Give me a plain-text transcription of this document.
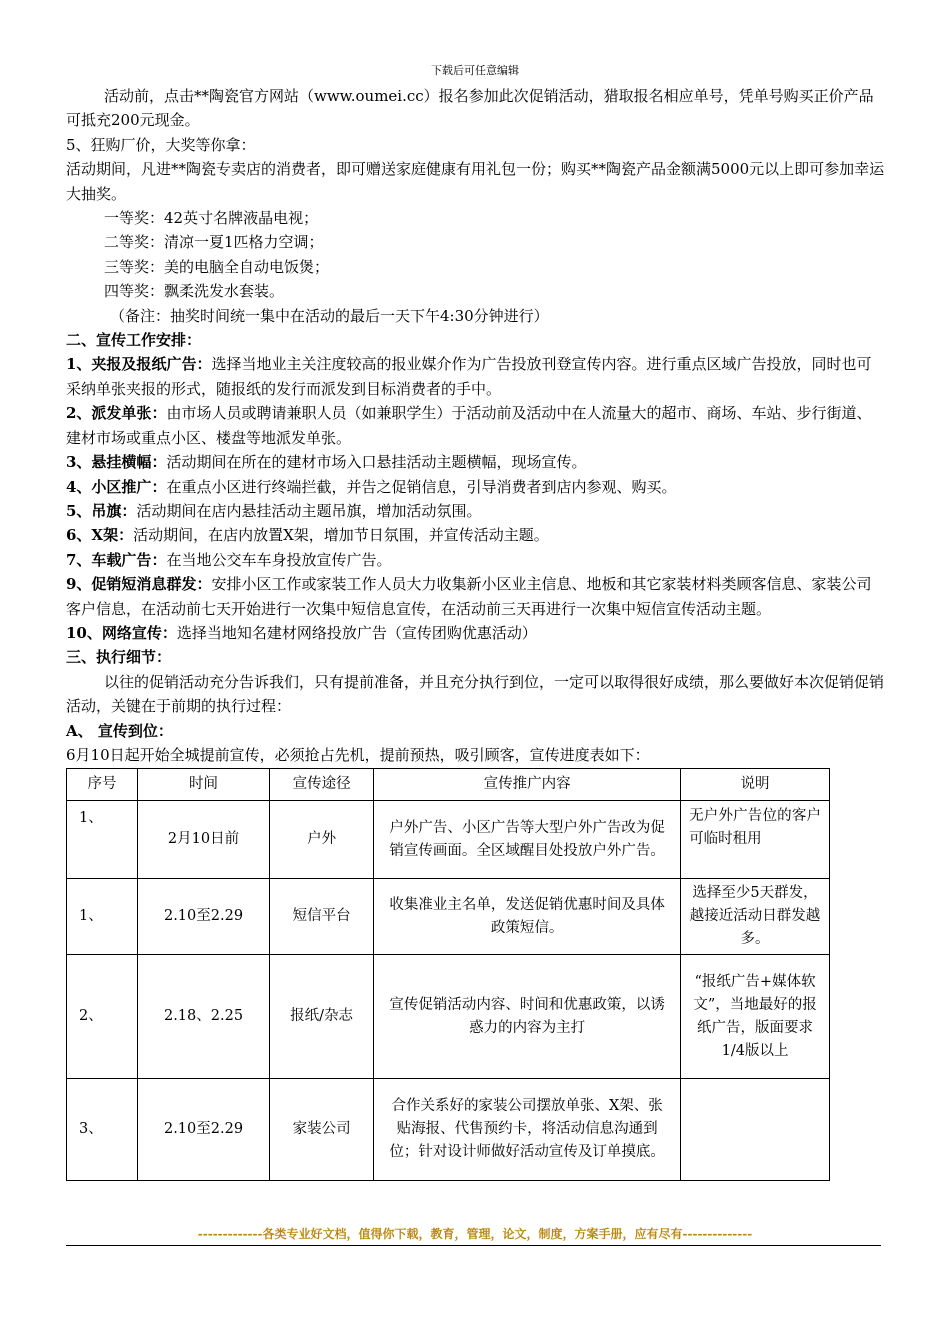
下载后可任意编辑

活动前，点击**陶瓷官方网站（www.oumei.cc）报名参加此次促销活动，猎取报名相应单号，凭单号购买正价产品可抵充200元现金。

5、狂购厂价，大奖等你拿：

活动期间，凡进**陶瓷专卖店的消费者，即可赠送家庭健康有用礼包一份；购买**陶瓷产品金额满5000元以上即可参加幸运大抽奖。

一等奖：42英寸名牌液晶电视；

二等奖：清凉一夏1匹格力空调；

三等奖：美的电脑全自动电饭煲；

四等奖：飘柔洗发水套装。

（备注：抽奖时间统一集中在活动的最后一天下午4:30分钟进行）

二、宣传工作安排：

1、夹报及报纸广告：选择当地业主关注度较高的报业媒介作为广告投放刊登宣传内容。进行重点区域广告投放，同时也可采纳单张夹报的形式，随报纸的发行而派发到目标消费者的手中。

2、派发单张：由市场人员或聘请兼职人员（如兼职学生）于活动前及活动中在人流量大的超市、商场、车站、步行街道、建材市场或重点小区、楼盘等地派发单张。

3、悬挂横幅：活动期间在所在的建材市场入口悬挂活动主题横幅，现场宣传。

4、小区推广：在重点小区进行终端拦截，并告之促销信息，引导消费者到店内参观、购买。

5、吊旗：活动期间在店内悬挂活动主题吊旗，增加活动氛围。

6、X架：活动期间，在店内放置X架，增加节日氛围，并宣传活动主题。

7、车载广告：在当地公交车车身投放宣传广告。

9、促销短消息群发：安排小区工作或家装工作人员大力收集新小区业主信息、地板和其它家装材料类顾客信息、家装公司客户信息，在活动前七天开始进行一次集中短信息宣传，在活动前三天再进行一次集中短信宣传活动主题。

10、网络宣传：选择当地知名建材网络投放广告（宣传团购优惠活动）

三、执行细节：

以往的促销活动充分告诉我们，只有提前准备，并且充分执行到位，一定可以取得很好成绩，那么要做好本次促销促销活动，关键在于前期的执行过程：

A、 宣传到位：

6月10日起开始全城提前宣传，必须抢占先机，提前预热，吸引顾客，宣传进度表如下：

序号	时间	宣传途径	宣传推广内容	说明
1、	2月10日前	户外	户外广告、小区广告等大型户外广告改为促销宣传画面。全区域醒目处投放户外广告。	无户外广告位的客户可临时租用
1、	2.10至2.29	短信平台	收集准业主名单，发送促销优惠时间及具体政策短信。	选择至少5天群发，越接近活动日群发越多。
2、	2.18、2.25	报纸/杂志	宣传促销活动内容、时间和优惠政策，以诱惑力的内容为主打	“报纸广告+媒体软文”，当地最好的报纸广告，版面要求1/4版以上
3、	2.10至2.29	家装公司	合作关系好的家装公司摆放单张、X架、张贴海报、代售预约卡，将活动信息沟通到位；针对设计师做好活动宣传及订单摸底。	
-------------各类专业好文档，值得你下载，教育，管理，论文，制度，方案手册，应有尽有--------------
